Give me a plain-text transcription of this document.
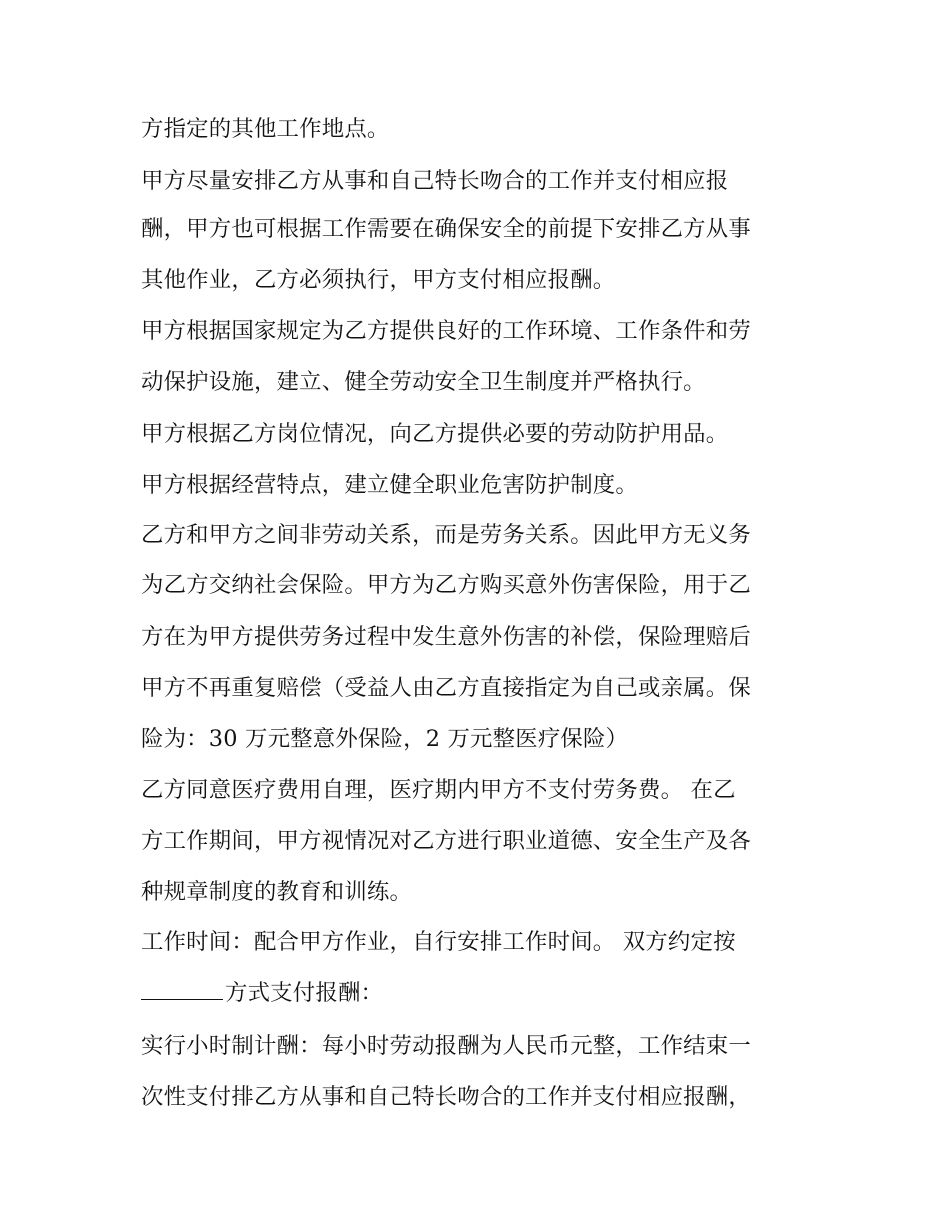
方指定的其他工作地点。
甲方尽量安排乙方从事和自己特长吻合的工作并支付相应报
酬，甲方也可根据工作需要在确保安全的前提下安排乙方从事
其他作业，乙方必须执行，甲方支付相应报酬。
甲方根据国家规定为乙方提供良好的工作环境、工作条件和劳
动保护设施，建立、健全劳动安全卫生制度并严格执行。
甲方根据乙方岗位情况，向乙方提供必要的劳动防护用品。
甲方根据经营特点，建立健全职业危害防护制度。
乙方和甲方之间非劳动关系，而是劳务关系。因此甲方无义务
为乙方交纳社会保险。甲方为乙方购买意外伤害保险，用于乙
方在为甲方提供劳务过程中发生意外伤害的补偿，保险理赔后
甲方不再重复赔偿（受益人由乙方直接指定为自己或亲属。保
险为：30 万元整意外保险，2 万元整医疗保险）
乙方同意医疗费用自理，医疗期内甲方不支付劳务费。 在乙
方工作期间，甲方视情况对乙方进行职业道德、安全生产及各
种规章制度的教育和训练。
工作时间：配合甲方作业，自行安排工作时间。 双方约定按
方式支付报酬：
实行小时制计酬：每小时劳动报酬为人民币元整，工作结束一
次性支付排乙方从事和自己特长吻合的工作并支付相应报酬，
